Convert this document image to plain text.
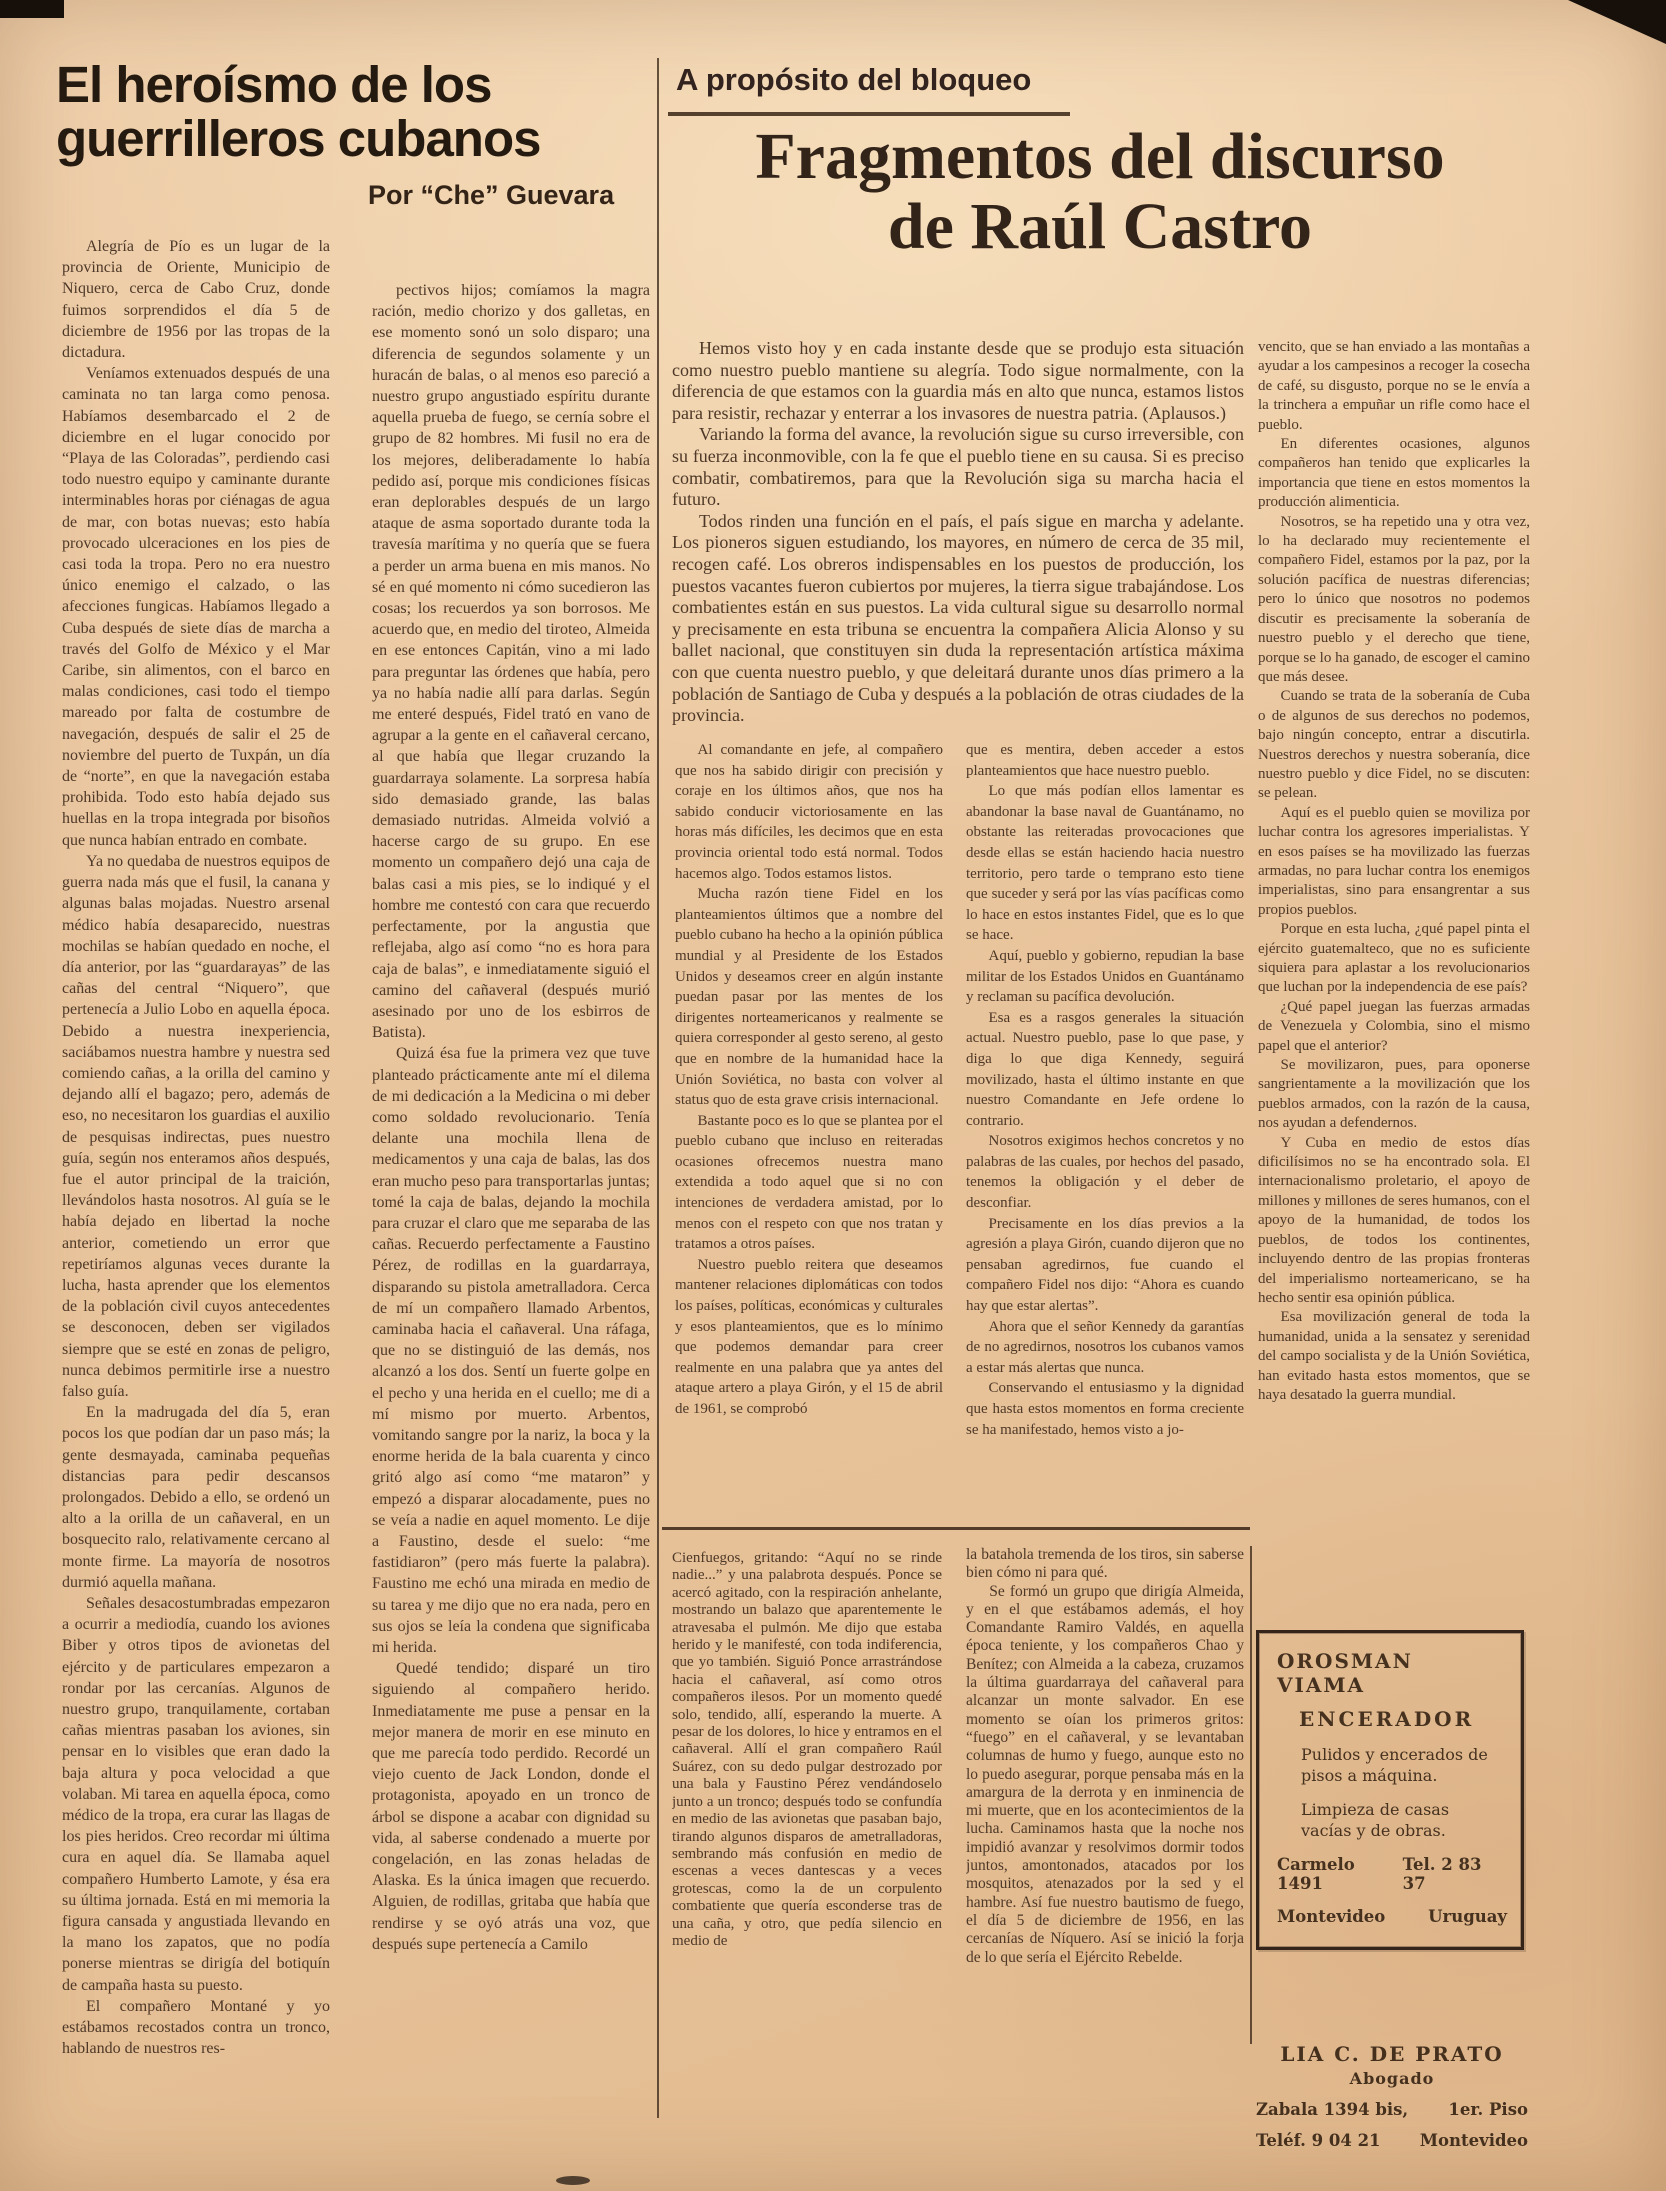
El heroísmo de los
guerrilleros cubanos
Por “Che” Guevara

Alegría de Pío es un lugar de la provincia de Oriente, Municipio de Niquero, cerca de Cabo Cruz, donde fuimos sorprendidos el día 5 de diciembre de 1956 por las tropas de la dictadura.

Veníamos extenuados después de una caminata no tan larga como penosa. Habíamos desembarcado el 2 de diciembre en el lugar conocido por “Playa de las Coloradas”, perdiendo casi todo nuestro equipo y caminante durante interminables horas por ciénagas de agua de mar, con botas nuevas; esto había provocado ulceraciones en los pies de casi toda la tropa. Pero no era nuestro único enemigo el calzado, o las afecciones fungicas. Habíamos llegado a Cuba después de siete días de marcha a través del Golfo de México y el Mar Caribe, sin alimentos, con el barco en malas condiciones, casi todo el tiempo mareado por falta de costumbre de navegación, después de salir el 25 de noviembre del puerto de Tuxpán, un día de “norte”, en que la navegación estaba prohibida. Todo esto había dejado sus huellas en la tropa integrada por bisoños que nunca habían entrado en combate.

Ya no quedaba de nuestros equipos de guerra nada más que el fusil, la canana y algunas balas mojadas. Nuestro arsenal médico había desaparecido, nuestras mochilas se habían quedado en noche, el día anterior, por las “guardarayas” de las cañas del central “Niquero”, que pertenecía a Julio Lobo en aquella época. Debido a nuestra inexperiencia, saciábamos nuestra hambre y nuestra sed comiendo cañas, a la orilla del camino y dejando allí el bagazo; pero, además de eso, no necesitaron los guardias el auxilio de pesquisas indirectas, pues nuestro guía, según nos enteramos años después, fue el autor principal de la traición, llevándolos hasta nosotros. Al guía se le había dejado en libertad la noche anterior, cometiendo un error que repetiríamos algunas veces durante la lucha, hasta aprender que los elementos de la población civil cuyos antecedentes se desconocen, deben ser vigilados siempre que se esté en zonas de peligro, nunca debimos permitirle irse a nuestro falso guía.

En la madrugada del día 5, eran pocos los que podían dar un paso más; la gente desmayada, caminaba pequeñas distancias para pedir descansos prolongados. Debido a ello, se ordenó un alto a la orilla de un cañaveral, en un bosquecito ralo, relativamente cercano al monte firme. La mayoría de nosotros durmió aquella mañana.

Señales desacostumbradas empezaron a ocurrir a mediodía, cuando los aviones Biber y otros tipos de avionetas del ejército y de particulares empezaron a rondar por las cercanías. Algunos de nuestro grupo, tranquilamente, cortaban cañas mientras pasaban los aviones, sin pensar en lo visibles que eran dado la baja altura y poca velocidad a que volaban. Mi tarea en aquella época, como médico de la tropa, era curar las llagas de los pies heridos. Creo recordar mi última cura en aquel día. Se llamaba aquel compañero Humberto Lamote, y ésa era su última jornada. Está en mi memoria la figura cansada y angustiada llevando en la mano los zapatos, que no podía ponerse mientras se dirigía del botiquín de campaña hasta su puesto.

El compañero Montané y yo estábamos recostados contra un tronco, hablando de nuestros res-

pectivos hijos; comíamos la magra ración, medio chorizo y dos galletas, en ese momento sonó un solo disparo; una diferencia de segundos solamente y un huracán de balas, o al menos eso pareció a nuestro grupo angustiado espíritu durante aquella prueba de fuego, se cernía sobre el grupo de 82 hombres. Mi fusil no era de los mejores, deliberadamente lo había pedido así, porque mis condiciones físicas eran deplorables después de un largo ataque de asma soportado durante toda la travesía marítima y no quería que se fuera a perder un arma buena en mis manos. No sé en qué momento ni cómo sucedieron las cosas; los recuerdos ya son borrosos. Me acuerdo que, en medio del tiroteo, Almeida en ese entonces Capitán, vino a mi lado para preguntar las órdenes que había, pero ya no había nadie allí para darlas. Según me enteré después, Fidel trató en vano de agrupar a la gente en el cañaveral cercano, al que había que llegar cruzando la guardarraya solamente. La sorpresa había sido demasiado grande, las balas demasiado nutridas. Almeida volvió a hacerse cargo de su grupo. En ese momento un compañero dejó una caja de balas casi a mis pies, se lo indiqué y el hombre me contestó con cara que recuerdo perfectamente, por la angustia que reflejaba, algo así como “no es hora para caja de balas”, e inmediatamente siguió el camino del cañaveral (después murió asesinado por uno de los esbirros de Batista).

Quizá ésa fue la primera vez que tuve planteado prácticamente ante mí el dilema de mi dedicación a la Medicina o mi deber como soldado revolucionario. Tenía delante una mochila llena de medicamentos y una caja de balas, las dos eran mucho peso para transportarlas juntas; tomé la caja de balas, dejando la mochila para cruzar el claro que me separaba de las cañas. Recuerdo perfectamente a Faustino Pérez, de rodillas en la guardarraya, disparando su pistola ametralladora. Cerca de mí un compañero llamado Arbentos, caminaba hacia el cañaveral. Una ráfaga, que no se distinguió de las demás, nos alcanzó a los dos. Sentí un fuerte golpe en el pecho y una herida en el cuello; me di a mí mismo por muerto. Arbentos, vomitando sangre por la nariz, la boca y la enorme herida de la bala cuarenta y cinco gritó algo así como “me mataron” y empezó a disparar alocadamente, pues no se veía a nadie en aquel momento. Le dije a Faustino, desde el suelo: “me fastidiaron” (pero más fuerte la palabra). Faustino me echó una mirada en medio de su tarea y me dijo que no era nada, pero en sus ojos se leía la condena que significaba mi herida.

Quedé tendido; disparé un tiro siguiendo al compañero herido. Inmediatamente me puse a pensar en la mejor manera de morir en ese minuto en que me parecía todo perdido. Recordé un viejo cuento de Jack London, donde el protagonista, apoyado en un tronco de árbol se dispone a acabar con dignidad su vida, al saberse condenado a muerte por congelación, en las zonas heladas de Alaska. Es la única imagen que recuerdo. Alguien, de rodillas, gritaba que había que rendirse y se oyó atrás una voz, que después supe pertenecía a Camilo

A propósito del bloqueo
Fragmentos del discurso
de Raúl Castro

Hemos visto hoy y en cada instante desde que se produjo esta situación como nuestro pueblo mantiene su alegría. Todo sigue normalmente, con la diferencia de que estamos con la guardia más en alto que nunca, estamos listos para resistir, rechazar y enterrar a los invasores de nuestra patria. (Aplausos.)

Variando la forma del avance, la revolución sigue su curso irreversible, con su fuerza inconmovible, con la fe que el pueblo tiene en su causa. Si es preciso combatir, combatiremos, para que la Revolución siga su marcha hacia el futuro.

Todos rinden una función en el país, el país sigue en marcha y adelante. Los pioneros siguen estudiando, los mayores, en número de cerca de 35 mil, recogen café. Los obreros indispensables en los puestos de producción, los puestos vacantes fueron cubiertos por mujeres, la tierra sigue trabajándose. Los combatientes están en sus puestos. La vida cultural sigue su desarrollo normal y precisamente en esta tribuna se encuentra la compañera Alicia Alonso y su ballet nacional, que constituyen sin duda la representación artística máxima con que cuenta nuestro pueblo, y que deleitará durante unos días primero a la población de Santiago de Cuba y después a la población de otras ciudades de la provincia.

Al comandante en jefe, al compañero que nos ha sabido dirigir con precisión y coraje en los últimos años, que nos ha sabido conducir victoriosamente en las horas más difíciles, les decimos que en esta provincia oriental todo está normal. Todos hacemos algo. Todos estamos listos.

Mucha razón tiene Fidel en los planteamientos últimos que a nombre del pueblo cubano ha hecho a la opinión pública mundial y al Presidente de los Estados Unidos y deseamos creer en algún instante puedan pasar por las mentes de los dirigentes norteamericanos y realmente se quiera corresponder al gesto sereno, al gesto que en nombre de la humanidad hace la Unión Soviética, no basta con volver al status quo de esta grave crisis internacional.

Bastante poco es lo que se plantea por el pueblo cubano que incluso en reiteradas ocasiones ofrecemos nuestra mano extendida a todo aquel que si no con intenciones de verdadera amistad, por lo menos con el respeto con que nos tratan y tratamos a otros países.

Nuestro pueblo reitera que deseamos mantener relaciones diplomáticas con todos los países, políticas, económicas y culturales y esos planteamientos, que es lo mínimo que podemos demandar para creer realmente en una palabra que ya antes del ataque artero a playa Girón, y el 15 de abril de 1961, se comprobó

que es mentira, deben acceder a estos planteamientos que hace nuestro pueblo.

Lo que más podían ellos lamentar es abandonar la base naval de Guantánamo, no obstante las reiteradas provocaciones que desde ellas se están haciendo hacia nuestro territorio, pero tarde o temprano esto tiene que suceder y será por las vías pacíficas como lo hace en estos instantes Fidel, que es lo que se hace.

Aquí, pueblo y gobierno, repudian la base militar de los Estados Unidos en Guantánamo y reclaman su pacífica devolución.

Esa es a rasgos generales la situación actual. Nuestro pueblo, pase lo que pase, y diga lo que diga Kennedy, seguirá movilizado, hasta el último instante en que nuestro Comandante en Jefe ordene lo contrario.

Nosotros exigimos hechos concretos y no palabras de las cuales, por hechos del pasado, tenemos la obligación y el deber de desconfiar.

Precisamente en los días previos a la agresión a playa Girón, cuando dijeron que no pensaban agredirnos, fue cuando el compañero Fidel nos dijo: “Ahora es cuando hay que estar alertas”.

Ahora que el señor Kennedy da garantías de no agredirnos, nosotros los cubanos vamos a estar más alertas que nunca.

Conservando el entusiasmo y la dignidad que hasta estos momentos en forma creciente se ha manifestado, hemos visto a jo-

vencito, que se han enviado a las montañas a ayudar a los campesinos a recoger la cosecha de café, su disgusto, porque no se le envía a la trinchera a empuñar un rifle como hace el pueblo.

En diferentes ocasiones, algunos compañeros han tenido que explicarles la importancia que tiene en estos momentos la producción alimenticia.

Nosotros, se ha repetido una y otra vez, lo ha declarado muy recientemente el compañero Fidel, estamos por la paz, por la solución pacífica de nuestras diferencias; pero lo único que nosotros no podemos discutir es precisamente la soberanía de nuestro pueblo y el derecho que tiene, porque se lo ha ganado, de escoger el camino que más desee.

Cuando se trata de la soberanía de Cuba o de algunos de sus derechos no podemos, bajo ningún concepto, entrar a discutirla. Nuestros derechos y nuestra soberanía, dice nuestro pueblo y dice Fidel, no se discuten: se pelean.

Aquí es el pueblo quien se moviliza por luchar contra los agresores imperialistas. Y en esos países se ha movilizado las fuerzas armadas, no para luchar contra los enemigos imperialistas, sino para ensangrentar a sus propios pueblos.

Porque en esta lucha, ¿qué papel pinta el ejército guatemalteco, que no es suficiente siquiera para aplastar a los revolucionarios que luchan por la independencia de ese país?

¿Qué papel juegan las fuerzas armadas de Venezuela y Colombia, sino el mismo papel que el anterior?

Se movilizaron, pues, para oponerse sangrientamente a la movilización que los pueblos armados, con la razón de la causa, nos ayudan a defendernos.

Y Cuba en medio de estos días dificilísimos no se ha encontrado sola. El internacionalismo proletario, el apoyo de millones y millones de seres humanos, con el apoyo de la humanidad, de todos los pueblos, de todos los continentes, incluyendo dentro de las propias fronteras del imperialismo norteamericano, se ha hecho sentir esa opinión pública.

Esa movilización general de toda la humanidad, unida a la sensatez y serenidad del campo socialista y de la Unión Soviética, han evitado hasta estos momentos, que se haya desatado la guerra mundial.

Cienfuegos, gritando: “Aquí no se rinde nadie...” y una palabrota después. Ponce se acercó agitado, con la respiración anhelante, mostrando un balazo que aparentemente le atravesaba el pulmón. Me dijo que estaba herido y le manifesté, con toda indiferencia, que yo también. Siguió Ponce arrastrándose hacia el cañaveral, así como otros compañeros ilesos. Por un momento quedé solo, tendido, allí, esperando la muerte. A pesar de los dolores, lo hice y entramos en el cañaveral. Allí el gran compañero Raúl Suárez, con su dedo pulgar destrozado por una bala y Faustino Pérez vendándoselo junto a un tronco; después todo se confundía en medio de las avionetas que pasaban bajo, tirando algunos disparos de ametralladoras, sembrando más confusión en medio de escenas a veces dantescas y a veces grotescas, como la de un corpulento combatiente que quería esconderse tras de una caña, y otro, que pedía silencio en medio de

la batahola tremenda de los tiros, sin saberse bien cómo ni para qué.

Se formó un grupo que dirigía Almeida, y en el que estábamos además, el hoy Comandante Ramiro Valdés, en aquella época teniente, y los compañeros Chao y Benítez; con Almeida a la cabeza, cruzamos la última guardarraya del cañaveral para alcanzar un monte salvador. En ese momento se oían los primeros gritos: “fuego” en el cañaveral, y se levantaban columnas de humo y fuego, aunque esto no lo puedo asegurar, porque pensaba más en la amargura de la derrota y en inminencia de mi muerte, que en los acontecimientos de la lucha. Caminamos hasta que la noche nos impidió avanzar y resolvimos dormir todos juntos, amontonados, atacados por los mosquitos, atenazados por la sed y el hambre. Así fue nuestro bautismo de fuego, el día 5 de diciembre de 1956, en las cercanías de Níquero. Así se inició la forja de lo que sería el Ejército Rebelde.

OROSMAN VIAMA
ENCERADOR
Pulidos y encerados de pisos a máquina.
Limpieza de casas vacías y de obras.
Carmelo 1491
Tel. 2 83 37
Montevideo	Uruguay
LIA C. DE PRATO
Abogado
Zabala 1394 bis, 1er. Piso
Teléf. 9 04 21 Montevideo
